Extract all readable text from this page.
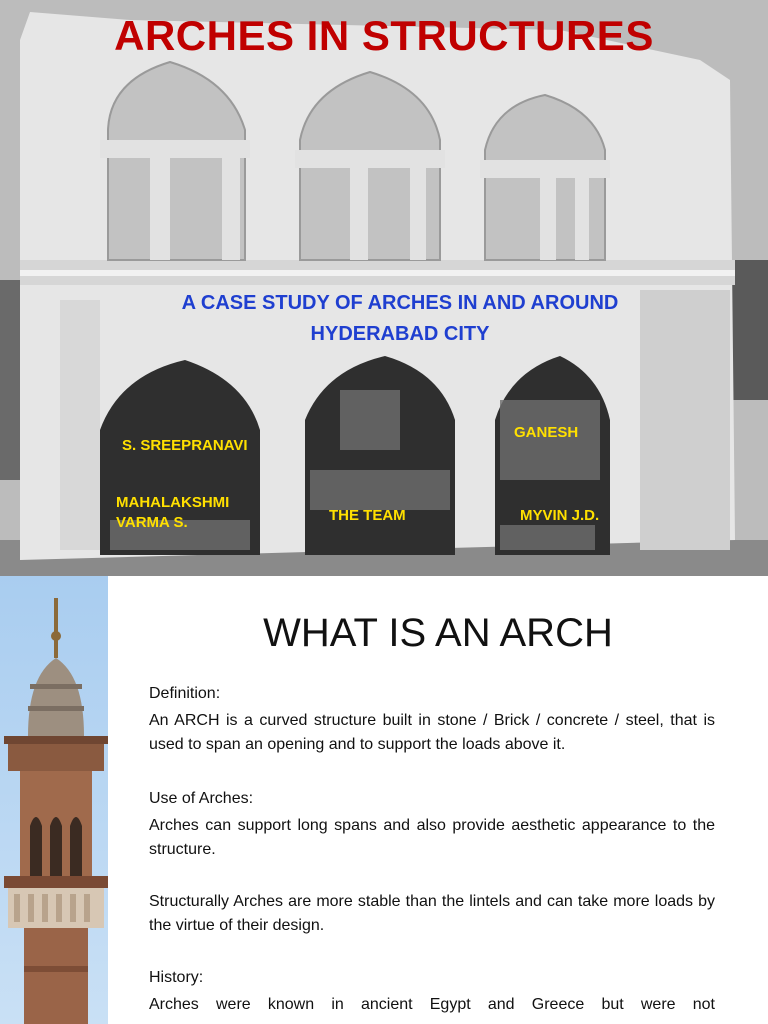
ARCHES IN STRUCTURES
A CASE STUDY OF ARCHES IN AND AROUND
HYDERABAD CITY
S. SREEPRANAVI
GANESH
MAHALAKSHMI
VARMA S.	THE TEAM	MYVIN J.D.
WHAT IS AN ARCH
Definition:
An ARCH is a curved structure built in stone / Brick / concrete / steel, that is used to span an opening and to support the loads above it.
Use of Arches:
Arches can support long spans and also provide aesthetic appearance to the structure.
Structurally Arches are more stable than the lintels and can take more loads by the virtue of their design.
History:
Arches were known in ancient Egypt and Greece but were not
